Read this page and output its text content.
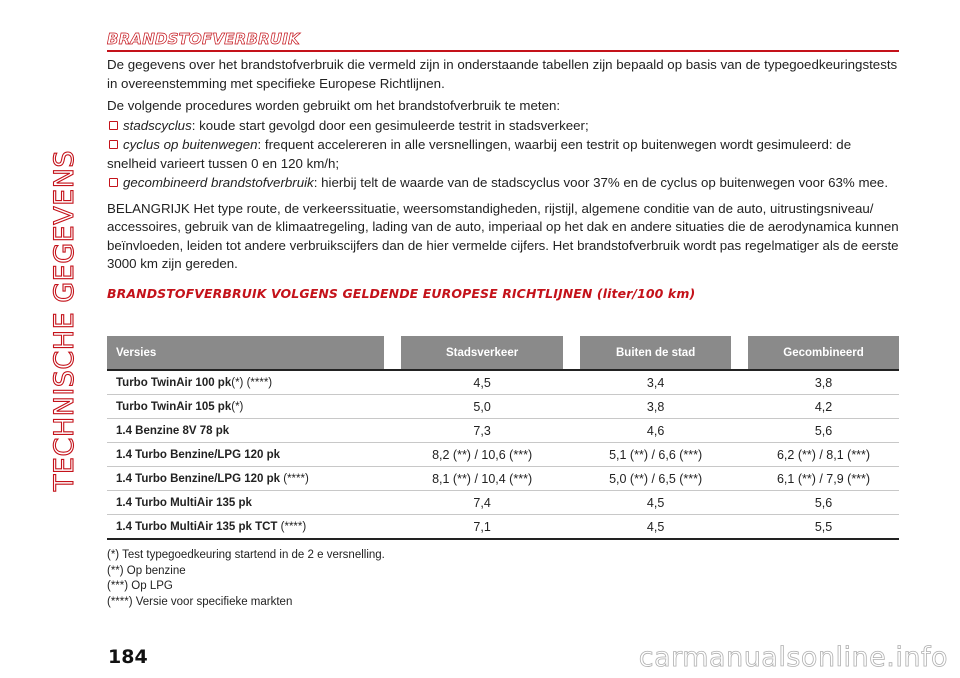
TECHNISCHE GEGEVENS
BRANDSTOFVERBRUIK

De gegevens over het brandstofverbruik die vermeld zijn in onderstaande tabellen zijn bepaald op basis van de typegoedkeuringstests in overeenstemming met specifieke Europese Richtlijnen.

De volgende procedures worden gebruikt om het brandstofverbruik te meten:

stadscyclus: koude start gevolgd door een gesimuleerde testrit in stadsverkeer;

cyclus op buitenwegen: frequent accelereren in alle versnellingen, waarbij een testrit op buitenwegen wordt gesimuleerd: de snelheid varieert tussen 0 en 120 km/h;

gecombineerd brandstofverbruik: hierbij telt de waarde van de stadscyclus voor 37% en de cyclus op buitenwegen voor 63% mee.

BELANGRIJK Het type route, de verkeerssituatie, weersomstandigheden, rijstijl, algemene conditie van de auto, uitrustingsniveau/ accessoires, gebruik van de klimaatregeling, lading van de auto, imperiaal op het dak en andere situaties die de aerodynamica kunnen beïnvloeden, leiden tot andere verbruikscijfers dan de hier vermelde cijfers. Het brandstofverbruik wordt pas regelmatiger als de eerste 3000 km zijn gereden.

BRANDSTOFVERBRUIK VOLGENS GELDENDE EUROPESE RICHTLIJNEN (liter/100 km)
Versies		Stadsverkeer		Buiten de stad		Gecombineerd
Turbo TwinAir 100 pk(*) (****)		4,5		3,4		3,8
Turbo TwinAir 105 pk(*)		5,0		3,8		4,2
1.4 Benzine 8V 78 pk		7,3		4,6		5,6
1.4 Turbo Benzine/LPG 120 pk		8,2 (**) / 10,6 (***)		5,1 (**) / 6,6 (***)		6,2 (**) / 8,1 (***)
1.4 Turbo Benzine/LPG 120 pk (****)		8,1 (**) / 10,4 (***)		5,0 (**) / 6,5 (***)		6,1 (**) / 7,9 (***)
1.4 Turbo MultiAir 135 pk		7,4		4,5		5,6
1.4 Turbo MultiAir 135 pk TCT (****)		7,1		4,5		5,5
(*) Test typegoedkeuring startend in de 2 e versnelling.
(**) Op benzine
(***) Op LPG
(****) Versie voor specifieke markten
184	carmanualsonline.info
